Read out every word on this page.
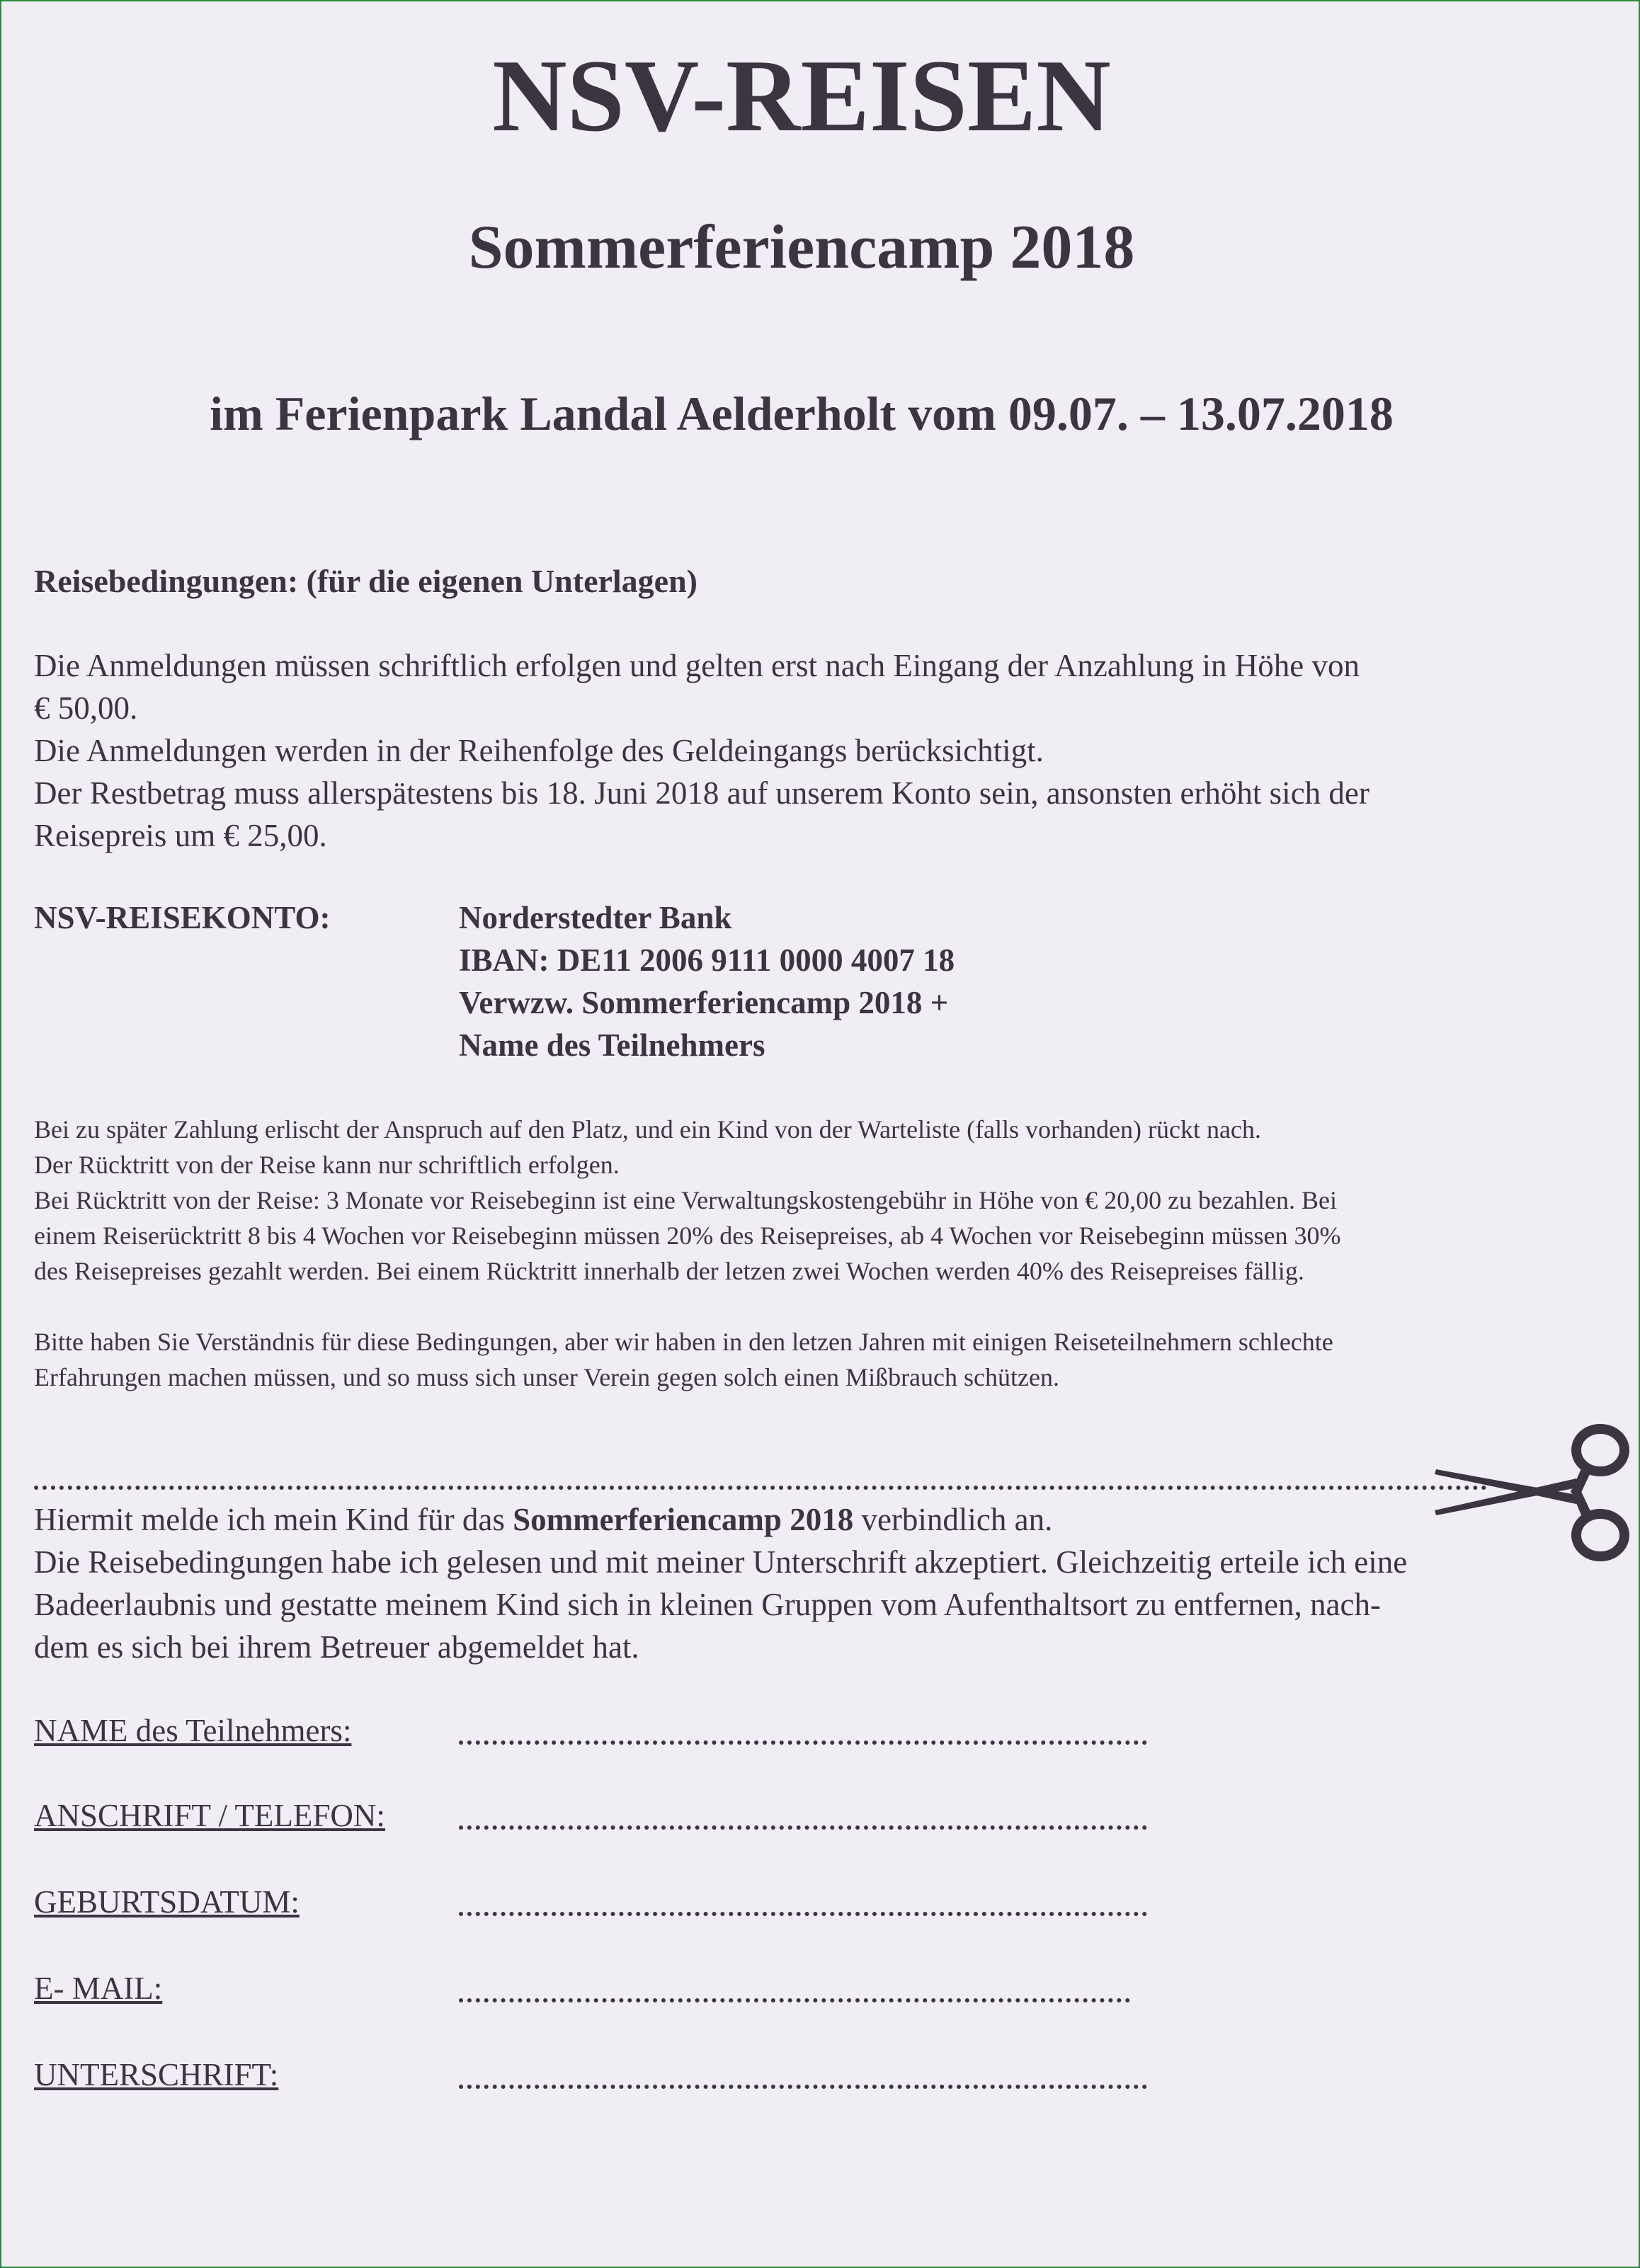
NSV-REISEN
Sommerferiencamp 2018
im Ferienpark Landal Aelderholt vom 09.07. – 13.07.2018
Reisebedingungen: (für die eigenen Unterlagen)
Die Anmeldungen müssen schriftlich erfolgen und gelten erst nach Eingang der Anzahlung in Höhe von
€ 50,00.
Die Anmeldungen werden in der Reihenfolge des Geldeingangs berücksichtigt.
Der Restbetrag muss allerspätestens bis 18. Juni 2018 auf unserem Konto sein, ansonsten erhöht sich der
Reisepreis um € 25,00.
NSV-REISEKONTO:	Norderstedter Bank
IBAN: DE11 2006 9111 0000 4007 18
Verwzw. Sommerferiencamp 2018 +
Name des Teilnehmers
Bei zu später Zahlung erlischt der Anspruch auf den Platz, und ein Kind von der Warteliste (falls vorhanden) rückt nach.
Der Rücktritt von der Reise kann nur schriftlich erfolgen.
Bei Rücktritt von der Reise: 3 Monate vor Reisebeginn ist eine Verwaltungskostengebühr in Höhe von € 20,00 zu bezahlen. Bei
einem Reiserücktritt 8 bis 4 Wochen vor Reisebeginn müssen 20% des Reisepreises, ab 4 Wochen vor Reisebeginn müssen 30%
des Reisepreises gezahlt werden. Bei einem Rücktritt innerhalb der letzen zwei Wochen werden 40% des Reisepreises fällig.
Bitte haben Sie Verständnis für diese Bedingungen, aber wir haben in den letzen Jahren mit einigen Reiseteilnehmern schlechte
Erfahrungen machen müssen, und so muss sich unser Verein gegen solch einen Mißbrauch schützen.
Hiermit melde ich mein Kind für das Sommerferiencamp 2018 verbindlich an.
Die Reisebedingungen habe ich gelesen und mit meiner Unterschrift akzeptiert. Gleichzeitig erteile ich eine
Badeerlaubnis und gestatte meinem Kind sich in kleinen Gruppen vom Aufenthaltsort zu entfernen, nach-
dem es sich bei ihrem Betreuer abgemeldet hat.
NAME des Teilnehmers:
ANSCHRIFT / TELEFON:
GEBURTSDATUM:
E- MAIL:
UNTERSCHRIFT:
